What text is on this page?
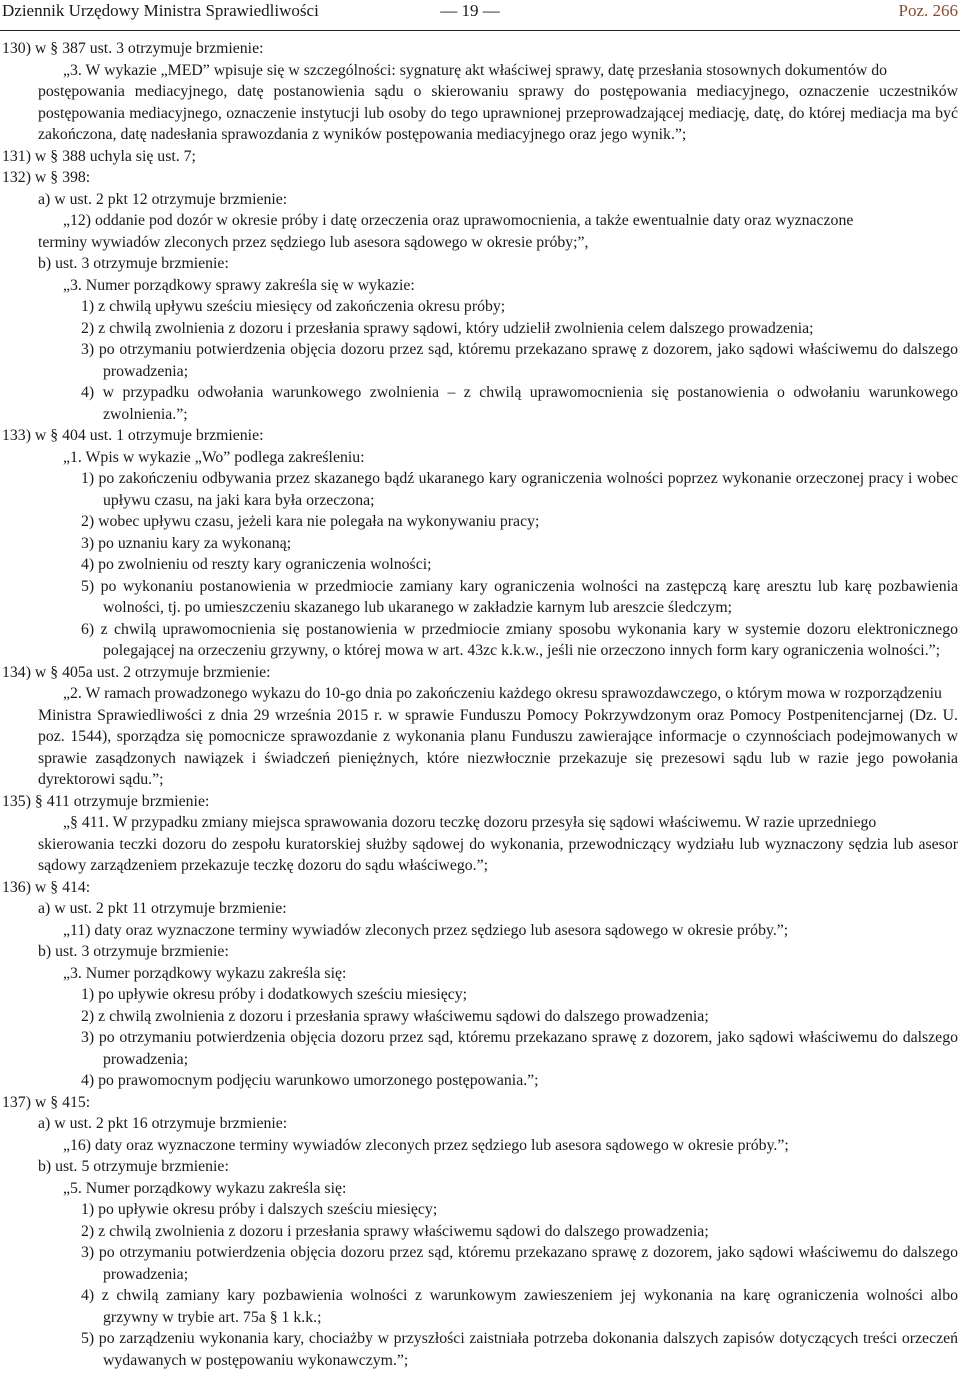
Dziennik Urzędowy Ministra Sprawiedliwości	— 19 —	Poz. 266

130) w § 387 ust. 3 otrzymuje brzmienie:

„3. W wykazie „MED” wpisuje się w szczególności: sygnaturę akt właściwej sprawy, datę przesłania stosownych dokumentów do

postępowania mediacyjnego, datę postanowienia sądu o skierowaniu sprawy do postępowania mediacyjnego, oznaczenie uczestników postępowania mediacyjnego, oznaczenie instytucji lub osoby do tego uprawnionej przeprowadzającej mediację, datę, do której mediacja ma być zakończona, datę nadesłania sprawozdania z wyników postępowania mediacyjnego oraz jego wynik.”;

131) w § 388 uchyla się ust. 7;

132) w § 398:

a) w ust. 2 pkt 12 otrzymuje brzmienie:

„12) oddanie pod dozór w okresie próby i datę orzeczenia oraz uprawomocnienia, a także ewentualnie daty oraz wyznaczone

terminy wywiadów zleconych przez sędziego lub asesora sądowego w okresie próby;”,

b) ust. 3 otrzymuje brzmienie:

„3. Numer porządkowy sprawy zakreśla się w wykazie:

1) z chwilą upływu sześciu miesięcy od zakończenia okresu próby;

2) z chwilą zwolnienia z dozoru i przesłania sprawy sądowi, który udzielił zwolnienia celem dalszego prowadzenia;

3) po otrzymaniu potwierdzenia objęcia dozoru przez sąd, któremu przekazano sprawę z dozorem, jako sądowi właściwemu do dalszego prowadzenia;

4) w przypadku odwołania warunkowego zwolnienia – z chwilą uprawomocnienia się postanowienia o odwołaniu warunkowego zwolnienia.”;

133) w § 404 ust. 1 otrzymuje brzmienie:

„1. Wpis w wykazie „Wo” podlega zakreśleniu:

1) po zakończeniu odbywania przez skazanego bądź ukaranego kary ograniczenia wolności poprzez wykonanie orzeczonej pracy i wobec upływu czasu, na jaki kara była orzeczona;

2) wobec upływu czasu, jeżeli kara nie polegała na wykonywaniu pracy;

3) po uznaniu kary za wykonaną;

4) po zwolnieniu od reszty kary ograniczenia wolności;

5) po wykonaniu postanowienia w przedmiocie zamiany kary ograniczenia wolności na zastępczą karę aresztu lub karę pozbawienia wolności, tj. po umieszczeniu skazanego lub ukaranego w zakładzie karnym lub areszcie śledczym;

6) z chwilą uprawomocnienia się postanowienia w przedmiocie zmiany sposobu wykonania kary w systemie dozoru elektronicznego polegającej na orzeczeniu grzywny, o której mowa w art. 43zc k.k.w., jeśli nie orzeczono innych form kary ograniczenia wolności.”;

134) w § 405a ust. 2 otrzymuje brzmienie:

„2. W ramach prowadzonego wykazu do 10-go dnia po zakończeniu każdego okresu sprawozdawczego, o którym mowa w rozporządzeniu

Ministra Sprawiedliwości z dnia 29 września 2015 r. w sprawie Funduszu Pomocy Pokrzywdzonym oraz Pomocy Postpenitencjarnej (Dz. U. poz. 1544), sporządza się pomocnicze sprawozdanie z wykonania planu Funduszu zawierające informacje o czynnościach podejmowanych w sprawie zasądzonych nawiązek i świadczeń pieniężnych, które niezwłocznie przekazuje się prezesowi sądu lub w razie jego powołania dyrektorowi sądu.”;

135) § 411 otrzymuje brzmienie:

„§ 411. W przypadku zmiany miejsca sprawowania dozoru teczkę dozoru przesyła się sądowi właściwemu. W razie uprzedniego

skierowania teczki dozoru do zespołu kuratorskiej służby sądowej do wykonania, przewodniczący wydziału lub wyznaczony sędzia lub asesor sądowy zarządzeniem przekazuje teczkę dozoru do sądu właściwego.”;

136) w § 414:

a) w ust. 2 pkt 11 otrzymuje brzmienie:

„11) daty oraz wyznaczone terminy wywiadów zleconych przez sędziego lub asesora sądowego w okresie próby.”;

b) ust. 3 otrzymuje brzmienie:

„3. Numer porządkowy wykazu zakreśla się:

1) po upływie okresu próby i dodatkowych sześciu miesięcy;

2) z chwilą zwolnienia z dozoru i przesłania sprawy właściwemu sądowi do dalszego prowadzenia;

3) po otrzymaniu potwierdzenia objęcia dozoru przez sąd, któremu przekazano sprawę z dozorem, jako sądowi właściwemu do dalszego prowadzenia;

4) po prawomocnym podjęciu warunkowo umorzonego postępowania.”;

137) w § 415:

a) w ust. 2 pkt 16 otrzymuje brzmienie:

„16) daty oraz wyznaczone terminy wywiadów zleconych przez sędziego lub asesora sądowego w okresie próby.”;

b) ust. 5 otrzymuje brzmienie:

„5. Numer porządkowy wykazu zakreśla się:

1) po upływie okresu próby i dalszych sześciu miesięcy;

2) z chwilą zwolnienia z dozoru i przesłania sprawy właściwemu sądowi do dalszego prowadzenia;

3) po otrzymaniu potwierdzenia objęcia dozoru przez sąd, któremu przekazano sprawę z dozorem, jako sądowi właściwemu do dalszego prowadzenia;

4) z chwilą zamiany kary pozbawienia wolności z warunkowym zawieszeniem jej wykonania na karę ograniczenia wolności albo grzywny w trybie art. 75a § 1 k.k.;

5) po zarządzeniu wykonania kary, chociażby w przyszłości zaistniała potrzeba dokonania dalszych zapisów dotyczących treści orzeczeń wydawanych w postępowaniu wykonawczym.”;
